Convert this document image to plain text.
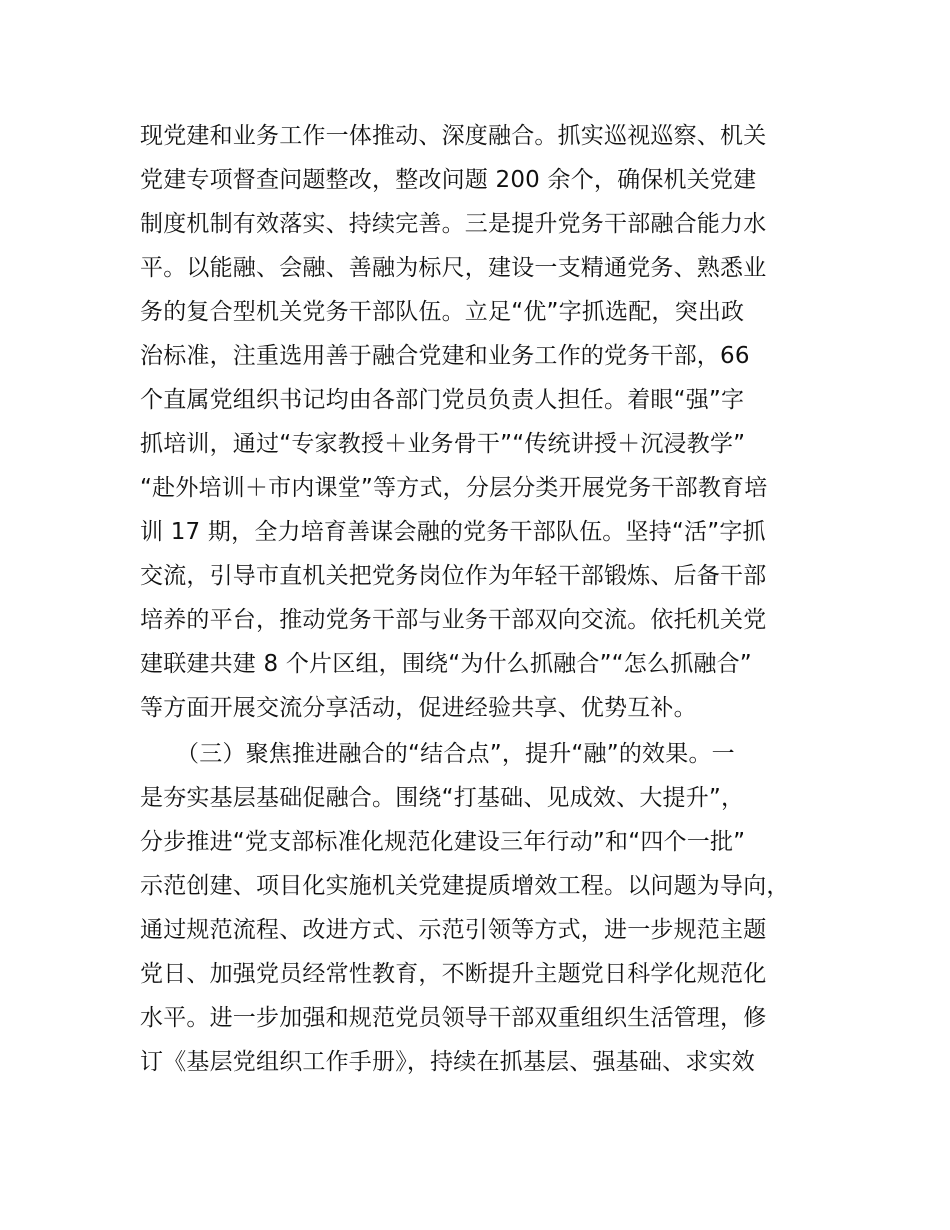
现党建和业务工作一体推动、深度融合。抓实巡视巡察、机关
党建专项督查问题整改，整改问题 200 余个，确保机关党建
制度机制有效落实、持续完善。三是提升党务干部融合能力水
平。以能融、会融、善融为标尺，建设一支精通党务、熟悉业
务的复合型机关党务干部队伍。立足“优”字抓选配，突出政
治标准，注重选用善于融合党建和业务工作的党务干部，66
个直属党组织书记均由各部门党员负责人担任。着眼“强”字
抓培训，通过“专家教授＋业务骨干”“传统讲授＋沉浸教学”
“赴外培训＋市内课堂”等方式，分层分类开展党务干部教育培
训 17 期，全力培育善谋会融的党务干部队伍。坚持“活”字抓
交流，引导市直机关把党务岗位作为年轻干部锻炼、后备干部
培养的平台，推动党务干部与业务干部双向交流。依托机关党
建联建共建 8 个片区组，围绕“为什么抓融合”“怎么抓融合”
等方面开展交流分享活动，促进经验共享、优势互补。
（三）聚焦推进融合的“结合点”，提升“融”的效果。一
是夯实基层基础促融合。围绕“打基础、见成效、大提升”，
分步推进“党支部标准化规范化建设三年行动”和“四个一批”
示范创建、项目化实施机关党建提质增效工程。以问题为导向，
通过规范流程、改进方式、示范引领等方式，进一步规范主题
党日、加强党员经常性教育，不断提升主题党日科学化规范化
水平。进一步加强和规范党员领导干部双重组织生活管理，修
订《基层党组织工作手册》，持续在抓基层、强基础、求实效
